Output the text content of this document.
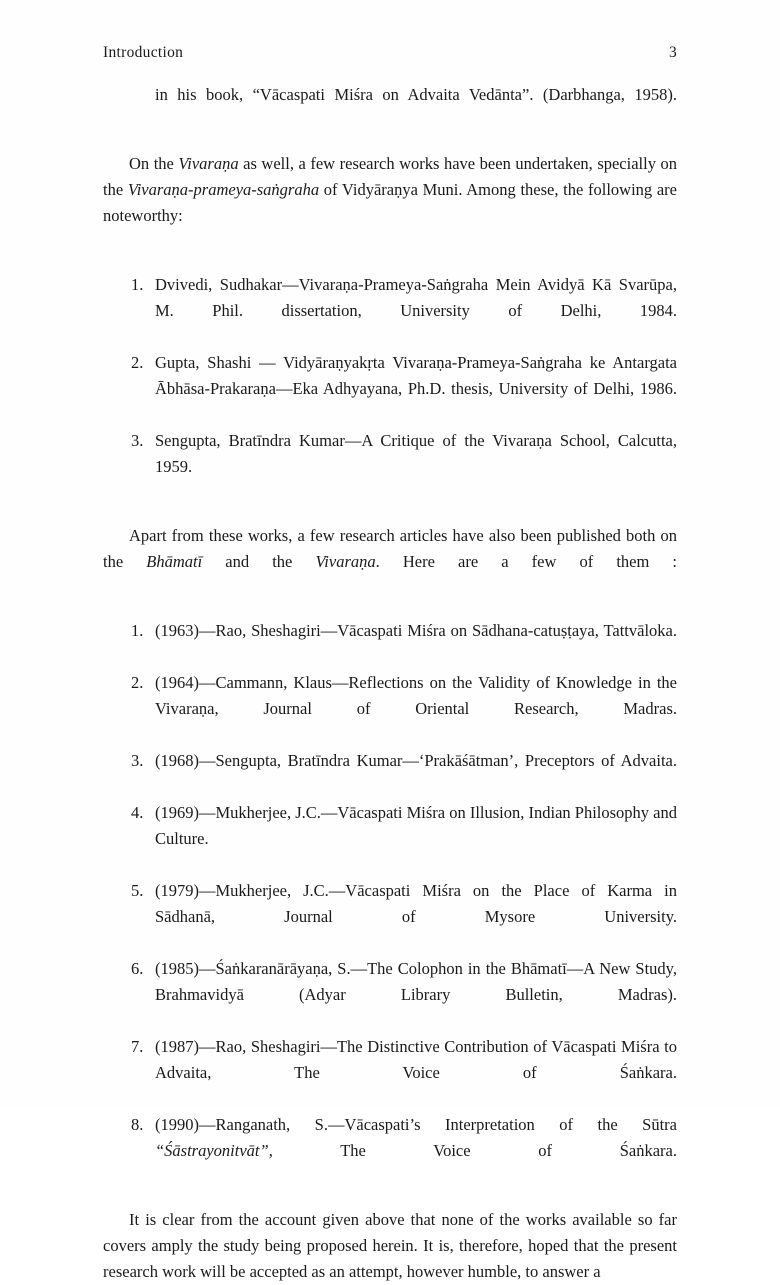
Introduction	3

in his book, “Vācaspati Miśra on Advaita Vedānta”. (Darbhanga, 1958).

On the Vivaraṇa as well, a few research works have been undertaken, specially on the Vivaraṇa-prameya-saṅgraha of Vidyāraṇya Muni. Among these, the following are noteworthy:

1. Dvivedi, Sudhakar—Vivaraṇa-Prameya-Saṅgraha Mein Avidyā Kā Svarūpa, M. Phil. dissertation, University of Delhi, 1984.
2. Gupta, Shashi — Vidyāraṇyakṛta Vivaraṇa-Prameya-Saṅgraha ke Antargata Ābhāsa-Prakaraṇa—Eka Adhyayana, Ph.D. thesis, University of Delhi, 1986.
3. Sengupta, Bratīndra Kumar—A Critique of the Vivaraṇa School, Calcutta, 1959.

Apart from these works, a few research articles have also been published both on the Bhāmatī and the Vivaraṇa. Here are a few of them :

1. (1963)—Rao, Sheshagiri—Vācaspati Miśra on Sādhana-catuṣṭaya, Tattvāloka.
2. (1964)—Cammann, Klaus—Reflections on the Validity of Knowledge in the Vivaraṇa, Journal of Oriental Research, Madras.
3. (1968)—Sengupta, Bratīndra Kumar—‘Prakāśātman’, Preceptors of Advaita.
4. (1969)—Mukherjee, J.C.—Vācaspati Miśra on Illusion, Indian Philosophy and Culture.
5. (1979)—Mukherjee, J.C.—Vācaspati Miśra on the Place of Karma in Sādhanā, Journal of Mysore University.
6. (1985)—Śaṅkaranārāyaṇa, S.—The Colophon in the Bhāmatī—A New Study, Brahmavidyā (Adyar Library Bulletin, Madras).
7. (1987)—Rao, Sheshagiri—The Distinctive Contribution of Vācaspati Miśra to Advaita, The Voice of Śaṅkara.
8. (1990)—Ranganath, S.—Vācaspati’s Interpretation of the Sūtra “Śāstrayonitvāt”, The Voice of Śaṅkara.

It is clear from the account given above that none of the works available so far covers amply the study being proposed herein. It is, therefore, hoped that the present research work will be accepted as an attempt, however humble, to answer a
